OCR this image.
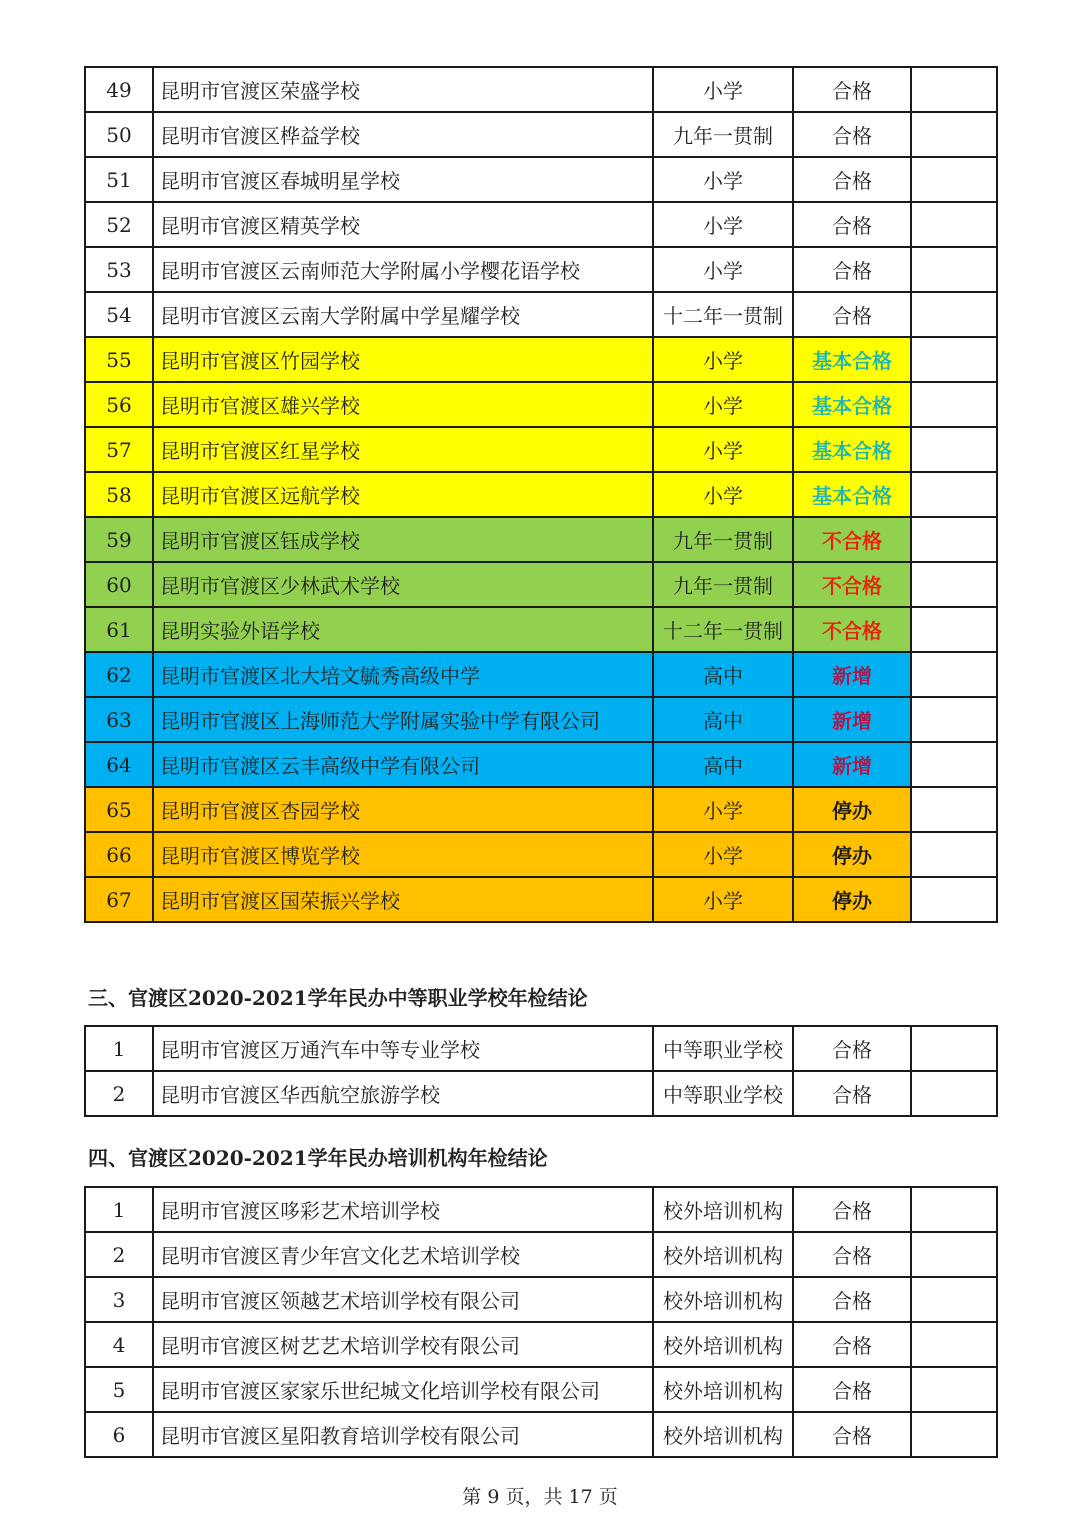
49	昆明市官渡区荣盛学校	小学	合格	
50	昆明市官渡区桦益学校	九年一贯制	合格	
51	昆明市官渡区春城明星学校	小学	合格	
52	昆明市官渡区精英学校	小学	合格	
53	昆明市官渡区云南师范大学附属小学樱花语学校	小学	合格	
54	昆明市官渡区云南大学附属中学星耀学校	十二年一贯制	合格	
55	昆明市官渡区竹园学校	小学	基本合格	
56	昆明市官渡区雄兴学校	小学	基本合格	
57	昆明市官渡区红星学校	小学	基本合格	
58	昆明市官渡区远航学校	小学	基本合格	
59	昆明市官渡区钰成学校	九年一贯制	不合格	
60	昆明市官渡区少林武术学校	九年一贯制	不合格	
61	昆明实验外语学校	十二年一贯制	不合格	
62	昆明市官渡区北大培文毓秀高级中学	高中	新增	
63	昆明市官渡区上海师范大学附属实验中学有限公司	高中	新增	
64	昆明市官渡区云丰高级中学有限公司	高中	新增	
65	昆明市官渡区杏园学校	小学	停办	
66	昆明市官渡区博览学校	小学	停办	
67	昆明市官渡区国荣振兴学校	小学	停办	
三、官渡区2020-2021学年民办中等职业学校年检结论
1	昆明市官渡区万通汽车中等专业学校	中等职业学校	合格	
2	昆明市官渡区华西航空旅游学校	中等职业学校	合格	
四、官渡区2020-2021学年民办培训机构年检结论
1	昆明市官渡区哆彩艺术培训学校	校外培训机构	合格	
2	昆明市官渡区青少年宫文化艺术培训学校	校外培训机构	合格	
3	昆明市官渡区领越艺术培训学校有限公司	校外培训机构	合格	
4	昆明市官渡区树艺艺术培训学校有限公司	校外培训机构	合格	
5	昆明市官渡区家家乐世纪城文化培训学校有限公司	校外培训机构	合格	
6	昆明市官渡区星阳教育培训学校有限公司	校外培训机构	合格	
第 9 页，共 17 页
